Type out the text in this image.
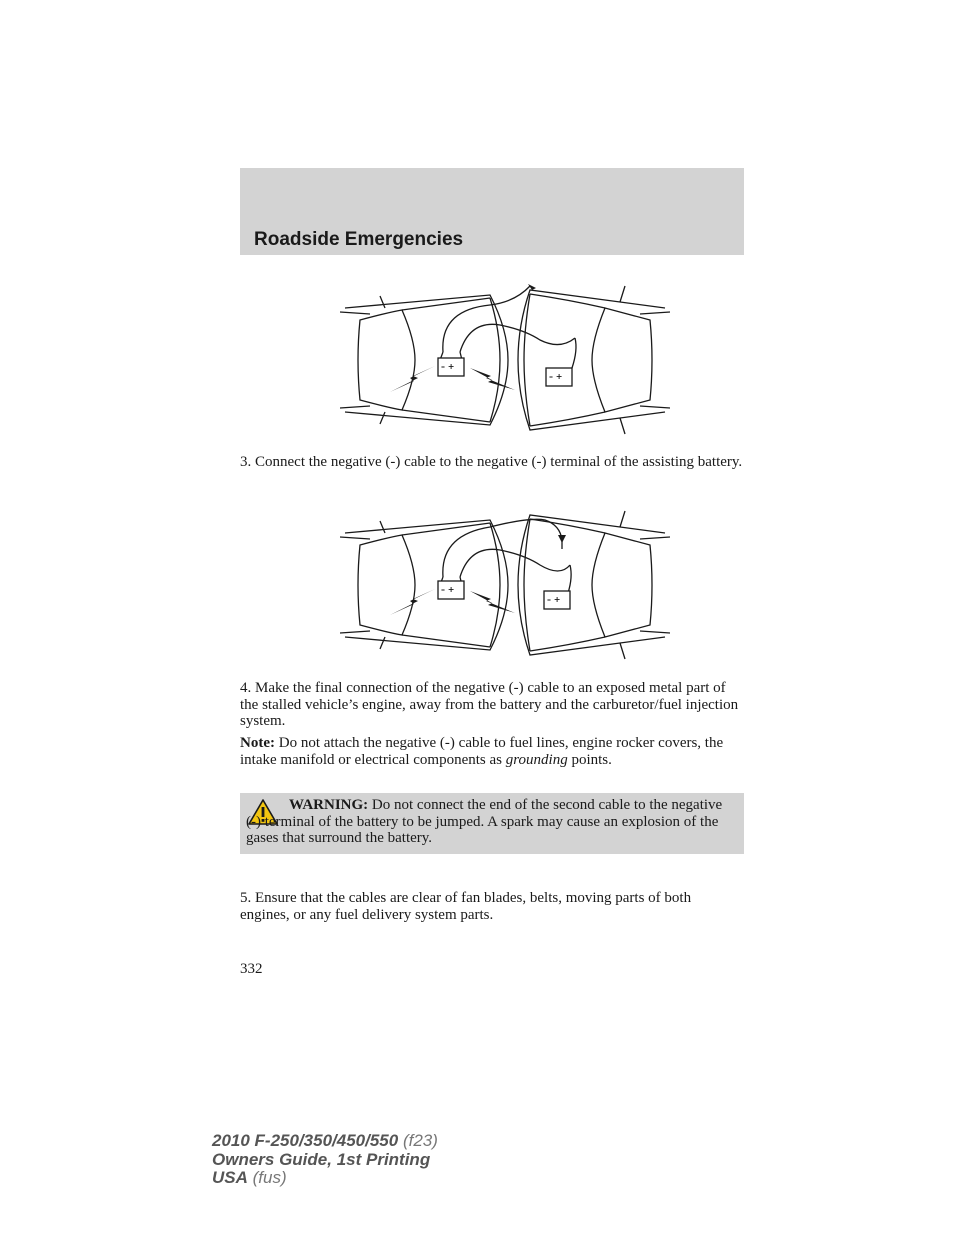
Roadside Emergencies
– +
– +

3. Connect the negative (-) cable to the negative (-) terminal of the assisting battery.

– +
– +

4. Make the final connection of the negative (-) cable to an exposed metal part of the stalled vehicle’s engine, away from the battery and the carburetor/fuel injection system.

Note: Do not attach the negative (-) cable to fuel lines, engine rocker covers, the intake manifold or electrical components as grounding points.

WARNING: Do not connect the end of the second cable to the negative (-) terminal of the battery to be jumped. A spark may cause an explosion of the gases that surround the battery.

5. Ensure that the cables are clear of fan blades, belts, moving parts of both engines, or any fuel delivery system parts.

332

2010 F-250/350/450/550 (f23)
Owners Guide, 1st Printing
USA (fus)
